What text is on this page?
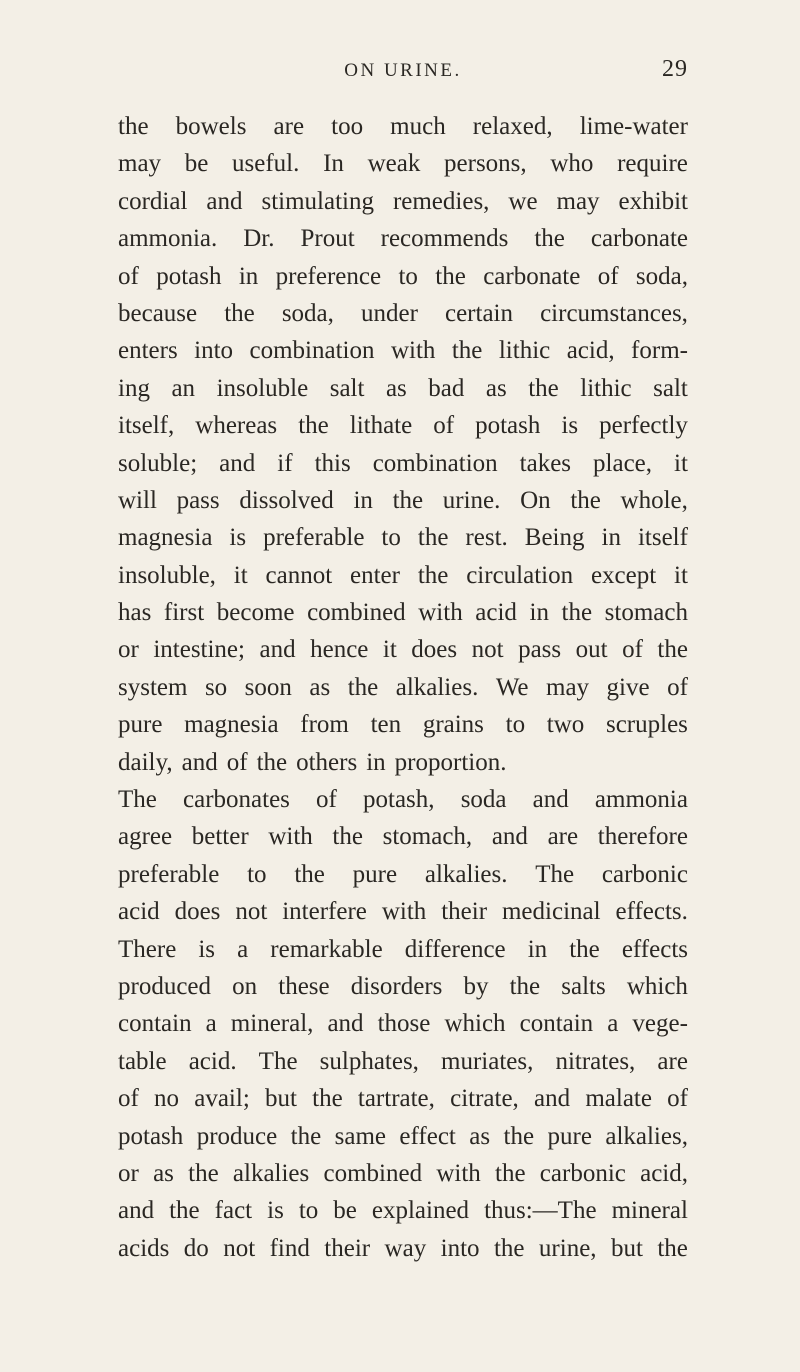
ON URINE.	29
the bowels are too much relaxed, lime-water
may be useful. In weak persons, who require
cordial and stimulating remedies, we may exhibit
ammonia. Dr. Prout recommends the carbonate
of potash in preference to the carbonate of soda,
because the soda, under certain circumstances,
enters into combination with the lithic acid, form-
ing an insoluble salt as bad as the lithic salt
itself, whereas the lithate of potash is perfectly
soluble; and if this combination takes place, it
will pass dissolved in the urine. On the whole,
magnesia is preferable to the rest. Being in itself
insoluble, it cannot enter the circulation except it
has first become combined with acid in the stomach
or intestine; and hence it does not pass out of the
system so soon as the alkalies. We may give of
pure magnesia from ten grains to two scruples
daily, and of the others in proportion.
The carbonates of potash, soda and ammonia
agree better with the stomach, and are therefore
preferable to the pure alkalies. The carbonic
acid does not interfere with their medicinal effects.
There is a remarkable difference in the effects
produced on these disorders by the salts which
contain a mineral, and those which contain a vege-
table acid. The sulphates, muriates, nitrates, are
of no avail; but the tartrate, citrate, and malate of
potash produce the same effect as the pure alkalies,
or as the alkalies combined with the carbonic acid,
and the fact is to be explained thus:—The mineral
acids do not find their way into the urine, but the
